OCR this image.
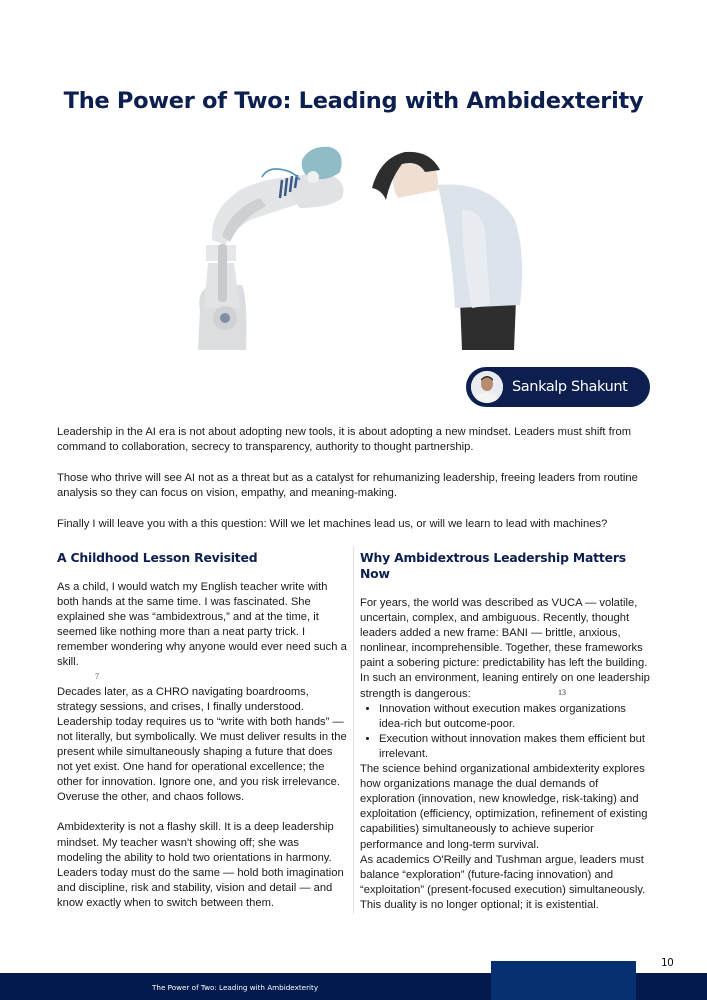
The Power of Two: Leading with Ambidexterity
Sankalp Shakunt

Leadership in the AI era is not about adopting new tools, it is about adopting a new mindset. Leaders must shift from command to collaboration, secrecy to transparency, authority to thought partnership.

Those who thrive will see AI not as a threat but as a catalyst for rehumanizing leadership, freeing leaders from routine analysis so they can focus on vision, empathy, and meaning-making.

Finally I will leave you with a this question: Will we let machines lead us, or will we learn to lead with machines?

A Childhood Lesson Revisited

As a child, I would watch my English teacher write with both hands at the same time. I was fascinated. She explained she was “ambidextrous,” and at the time, it seemed like nothing more than a neat party trick. I remember wondering why anyone would ever need such a skill.

7

Decades later, as a CHRO navigating boardrooms, strategy sessions, and crises, I finally understood. Leadership today requires us to “write with both hands” — not literally, but symbolically. We must deliver results in the present while simultaneously shaping a future that does not yet exist. One hand for operational excellence; the other for innovation. Ignore one, and you risk irrelevance. Overuse the other, and chaos follows.

Ambidexterity is not a flashy skill. It is a deep leadership mindset. My teacher wasn't showing off; she was modeling the ability to hold two orientations in harmony. Leaders today must do the same — hold both imagination and discipline, risk and stability, vision and detail — and know exactly when to switch between them.

Why Ambidextrous Leadership Matters Now

For years, the world was described as VUCA — volatile, uncertain, complex, and ambiguous. Recently, thought leaders added a new frame: BANI — brittle, anxious, nonlinear, incomprehensible. Together, these frameworks paint a sobering picture: predictability has left the building.

In such an environment, leaning entirely on one leadership strength is dangerous:	13
• Innovation without execution makes organizations idea-rich but outcome-poor.
• Execution without innovation makes them efficient but irrelevant.

The science behind organizational ambidexterity explores how organizations manage the dual demands of exploration (innovation, new knowledge, risk-taking) and exploitation (efficiency, optimization, refinement of existing capabilities) simultaneously to achieve superior performance and long-term survival.

As academics O'Reilly and Tushman argue, leaders must balance “exploration” (future-facing innovation) and “exploitation” (present-focused execution) simultaneously. This duality is no longer optional; it is existential.

The Power of Two: Leading with Ambidexterity
10
